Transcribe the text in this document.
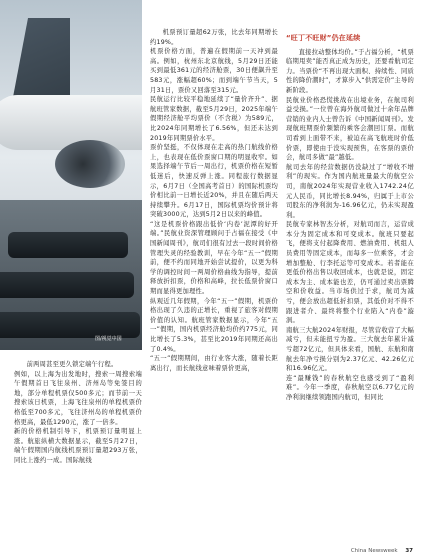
图/视觉中国

前两周甚至更久锁定端午行程。
例如，以上海为出发地时，搜索一周搜索端午假期首日飞往泉州、济州岛等免签目的地，部分单程机票仅500多元；而节前一天搜索该日机票，上海飞往泉州的单程机票价格低至700多元，飞往济州岛的单程机票价格更高，最低1290元，涨了一倍多。
新的价格机制引导下，机票预订量明显上涨。航旅纵横大数据显示，截至5月27日，端午假期国内航线机票预订量超293万张，同比上涨约一成。国际航线

机票预订量超62万张，比去年同期增长约19%。
机票价格方面，普遍在假期前一天冲到最高。例如，杭州东北京航线，5月29日还能买到最低361元的经济舱票，30日便飙升至583元，涨幅超60%；而到端午节当天，5月31日，票价又回落至315元。
民航运行比较平稳地延续了“量价齐升”、据航班管家数据，截至5月29日，2025年端午假期经济舱平均票价（不含税）为589元，比2024年同期增长了6.56%，但还未达到2019年同期票价水平。
票价坚挺，不仅体现在走高的热门航线价格上，也表现在低价票窗口期的明显收窄。如果选择端午节后一周出行，机票价格在短暂低迷后，快速反弹上涨。同程旅行数据显示，6月7日（全国高考首日）的国际机票均价相比前一日增长近20%，并且在随后两天持续攀升。6月17日，国际机票均价预计将突破3000元，达到5月2日以来的峰值。
“这是机票价格跟出低价‘内卷’泥潭的好开端。”民航业资深管理顾问于占福在接受《中国新闻周刊》，航司们很有过去一段时间价格管理失灵的经验教训，早在今年“五一”假期前，便不约而同地开始尝试提价，以更为科学的调控时间一两周价格曲线为指导，提前释放折扣票，价格和高峰，拉长低票价窗口期而显得更加理性。
纵观近几年假期，今年“五一”假期，机票价格出现了久违的正增长，重视了旅客对假期价值的认知。航班管家数据显示，今年“五一”假期，国内机票经济舱均价约775元，同比增长了5.3%，甚至比2019年同期还高出了0.4%。
“五一”假期期间，由行业客大涨，随着长距离出行，而长航线意味着票价更高，

“旺丁不旺财”仍在延续

直接拉动整体均价。”于占福分析，“机票临期甩卖”能否真正成为历史，还要看航司定力。当票价“不再出现大面积、持续性、同质性的降价潮时”，才算步入“供需定价”主导的新阶段。
民航业价格恐慌挑战在出境业务，在航司利益受损。”一位曾在海外航司做过十余年品牌营销的业内人士曾告诉《中国新闻周刊》。发现航班期票价频繁的乘客会潮回订票。而航司看到上面带不来，被迫在高飞航班时价低价票，即使由于没实现预售，在客票的票价会，航司多做“最”越低。
航司去年的经营数据仍没缺过了“增收不增利”的现实。作为国内航班量最大的航空公司，南航2024年实现营业收入1742.24亿元人民币，同比增长8.94%，归属于上市公司股东的净利润为-16.96亿元，仍未实现盈利。
民航专家林智杰分析，对航司而言，运营成本分为固定成本和可变成本。航班只要起飞，便将支付起降费用、燃油费用、机组人员费用等固定成本，而每多一位乘客，才会增加整舱、行李托运等可变成本。若者能在更低价格出售以收回成本，也就是说，固定成本为主、成本能也差，仍可通过卖出票腾空和价收益。当市场供过于求，航司为减亏，便会放出超低折扣票，其低价对不得不跟进者介、最终将整个行业陷入“内卷”漩涡。
南航三大航2024年财报，尽管营收营了大幅减亏，但未能扭亏为盈。三大航去年累计减亏超72亿元，但具体来看，国航、东航和南航去年净亏损分别为2.37亿元、42.26亿元和16.96亿元。
连“最赚钱”的春秋航空也感受到了“盈利难”。今年一季度，春秋航空以6.77亿元的净利润继续领跑国内航司，但同比

China Newsweek 37
